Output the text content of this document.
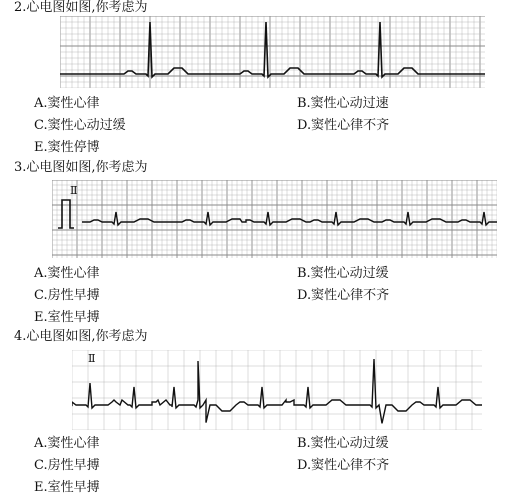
2.心电图如图,你考虑为
A.窦性心律	B.窦性心动过速
C.窦性心动过缓	D.窦性心律不齐
E.窦性停博
3.心电图如图,你考虑为
Ⅱ
A.窦性心律	B.窦性心动过缓
C.房性早搏	D.窦性心律不齐
E.室性早搏
4.心电图如图,你考虑为
Ⅱ
A.窦性心律	B.窦性心动过缓
C.房性早搏	D.窦性心律不齐
E.室性早搏
